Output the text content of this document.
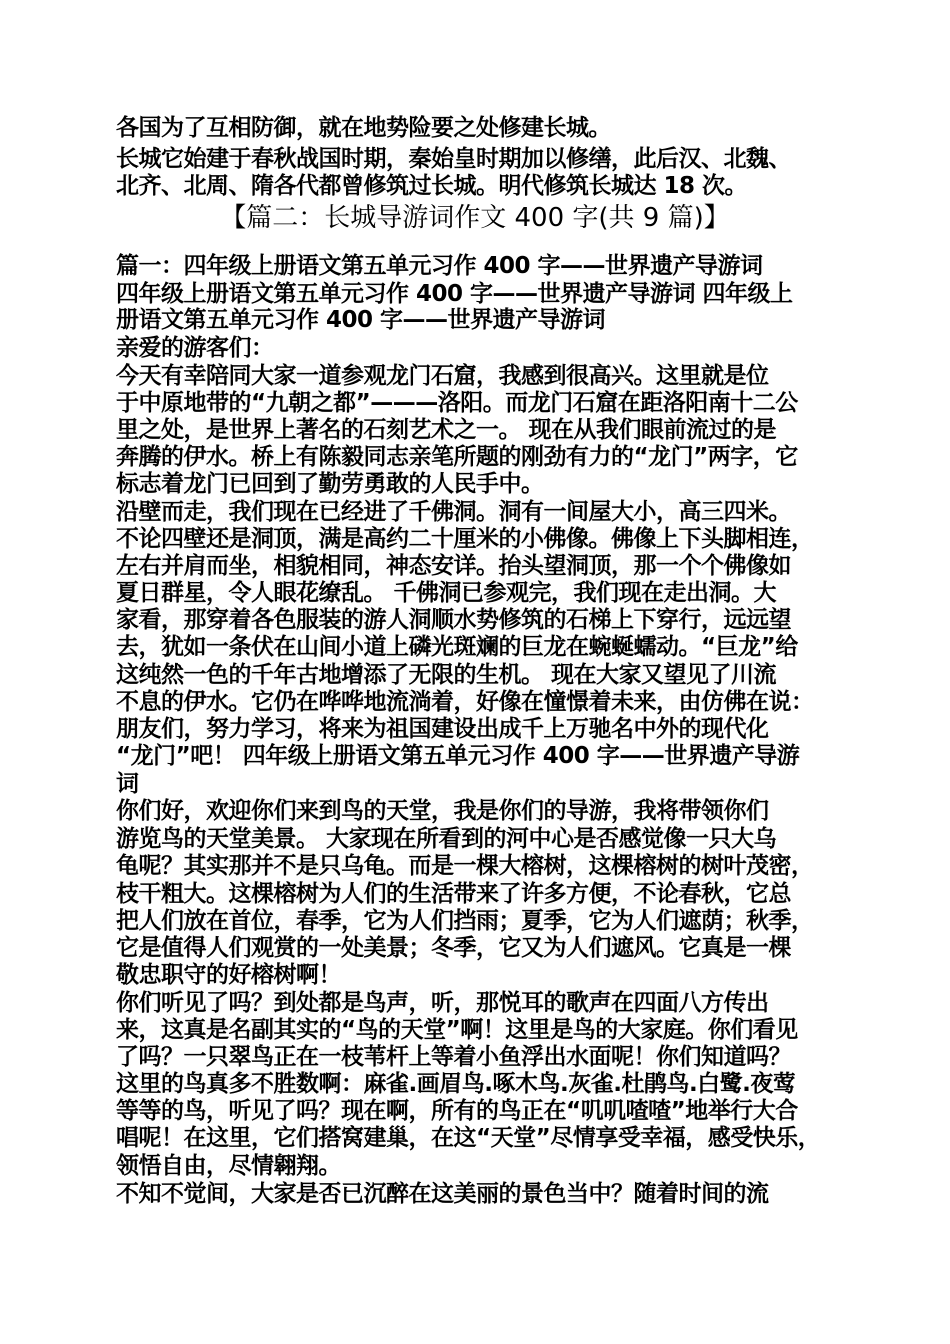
各国为了互相防御，就在地势险要之处修建长城。
长城它始建于春秋战国时期，秦始皇时期加以修缮，此后汉、北魏、
北齐、北周、隋各代都曾修筑过长城。明代修筑长城达 18 次。
【篇二：长城导游词作文 400 字(共 9 篇)】
篇一：四年级上册语文第五单元习作 400 字——世界遗产导游词
四年级上册语文第五单元习作 400 字——世界遗产导游词 四年级上
册语文第五单元习作 400 字——世界遗产导游词
亲爱的游客们：
今天有幸陪同大家一道参观龙门石窟，我感到很高兴。这里就是位
于中原地带的“九朝之都”———洛阳。而龙门石窟在距洛阳南十二公
里之处，是世界上著名的石刻艺术之一。 现在从我们眼前流过的是
奔腾的伊水。桥上有陈毅同志亲笔所题的刚劲有力的“龙门”两字，它
标志着龙门已回到了勤劳勇敢的人民手中。
沿壁而走，我们现在已经进了千佛洞。洞有一间屋大小，高三四米。
不论四壁还是洞顶，满是高约二十厘米的小佛像。佛像上下头脚相连，
左右并肩而坐，相貌相同，神态安详。抬头望洞顶，那一个个佛像如
夏日群星，令人眼花缭乱。 千佛洞已参观完，我们现在走出洞。大
家看，那穿着各色服装的游人洞顺水势修筑的石梯上下穿行，远远望
去，犹如一条伏在山间小道上磷光斑斓的巨龙在蜿蜒蠕动。“巨龙”给
这纯然一色的千年古地增添了无限的生机。 现在大家又望见了川流
不息的伊水。它仍在哗哗地流淌着，好像在憧憬着未来，由仿佛在说：
朋友们，努力学习，将来为祖国建设出成千上万驰名中外的现代化
“龙门”吧！ 四年级上册语文第五单元习作 400 字——世界遗产导游
词
你们好，欢迎你们来到鸟的天堂，我是你们的导游，我将带领你们
游览鸟的天堂美景。 大家现在所看到的河中心是否感觉像一只大乌
龟呢？其实那并不是只乌龟。而是一棵大榕树，这棵榕树的树叶茂密，
枝干粗大。这棵榕树为人们的生活带来了许多方便，不论春秋，它总
把人们放在首位，春季，它为人们挡雨；夏季，它为人们遮荫；秋季，
它是值得人们观赏的一处美景；冬季，它又为人们遮风。它真是一棵
敬忠职守的好榕树啊！
你们听见了吗？到处都是鸟声，听，那悦耳的歌声在四面八方传出
来，这真是名副其实的“鸟的天堂”啊！这里是鸟的大家庭。你们看见
了吗？一只翠鸟正在一枝苇杆上等着小鱼浮出水面呢！你们知道吗？
这里的鸟真多不胜数啊：麻雀.画眉鸟.啄木鸟.灰雀.杜鹃鸟.白鹭.夜莺
等等的鸟，听见了吗？现在啊，所有的鸟正在“叽叽喳喳”地举行大合
唱呢！在这里，它们搭窝建巢，在这“天堂”尽情享受幸福，感受快乐，
领悟自由，尽情翱翔。
不知不觉间，大家是否已沉醉在这美丽的景色当中？随着时间的流
